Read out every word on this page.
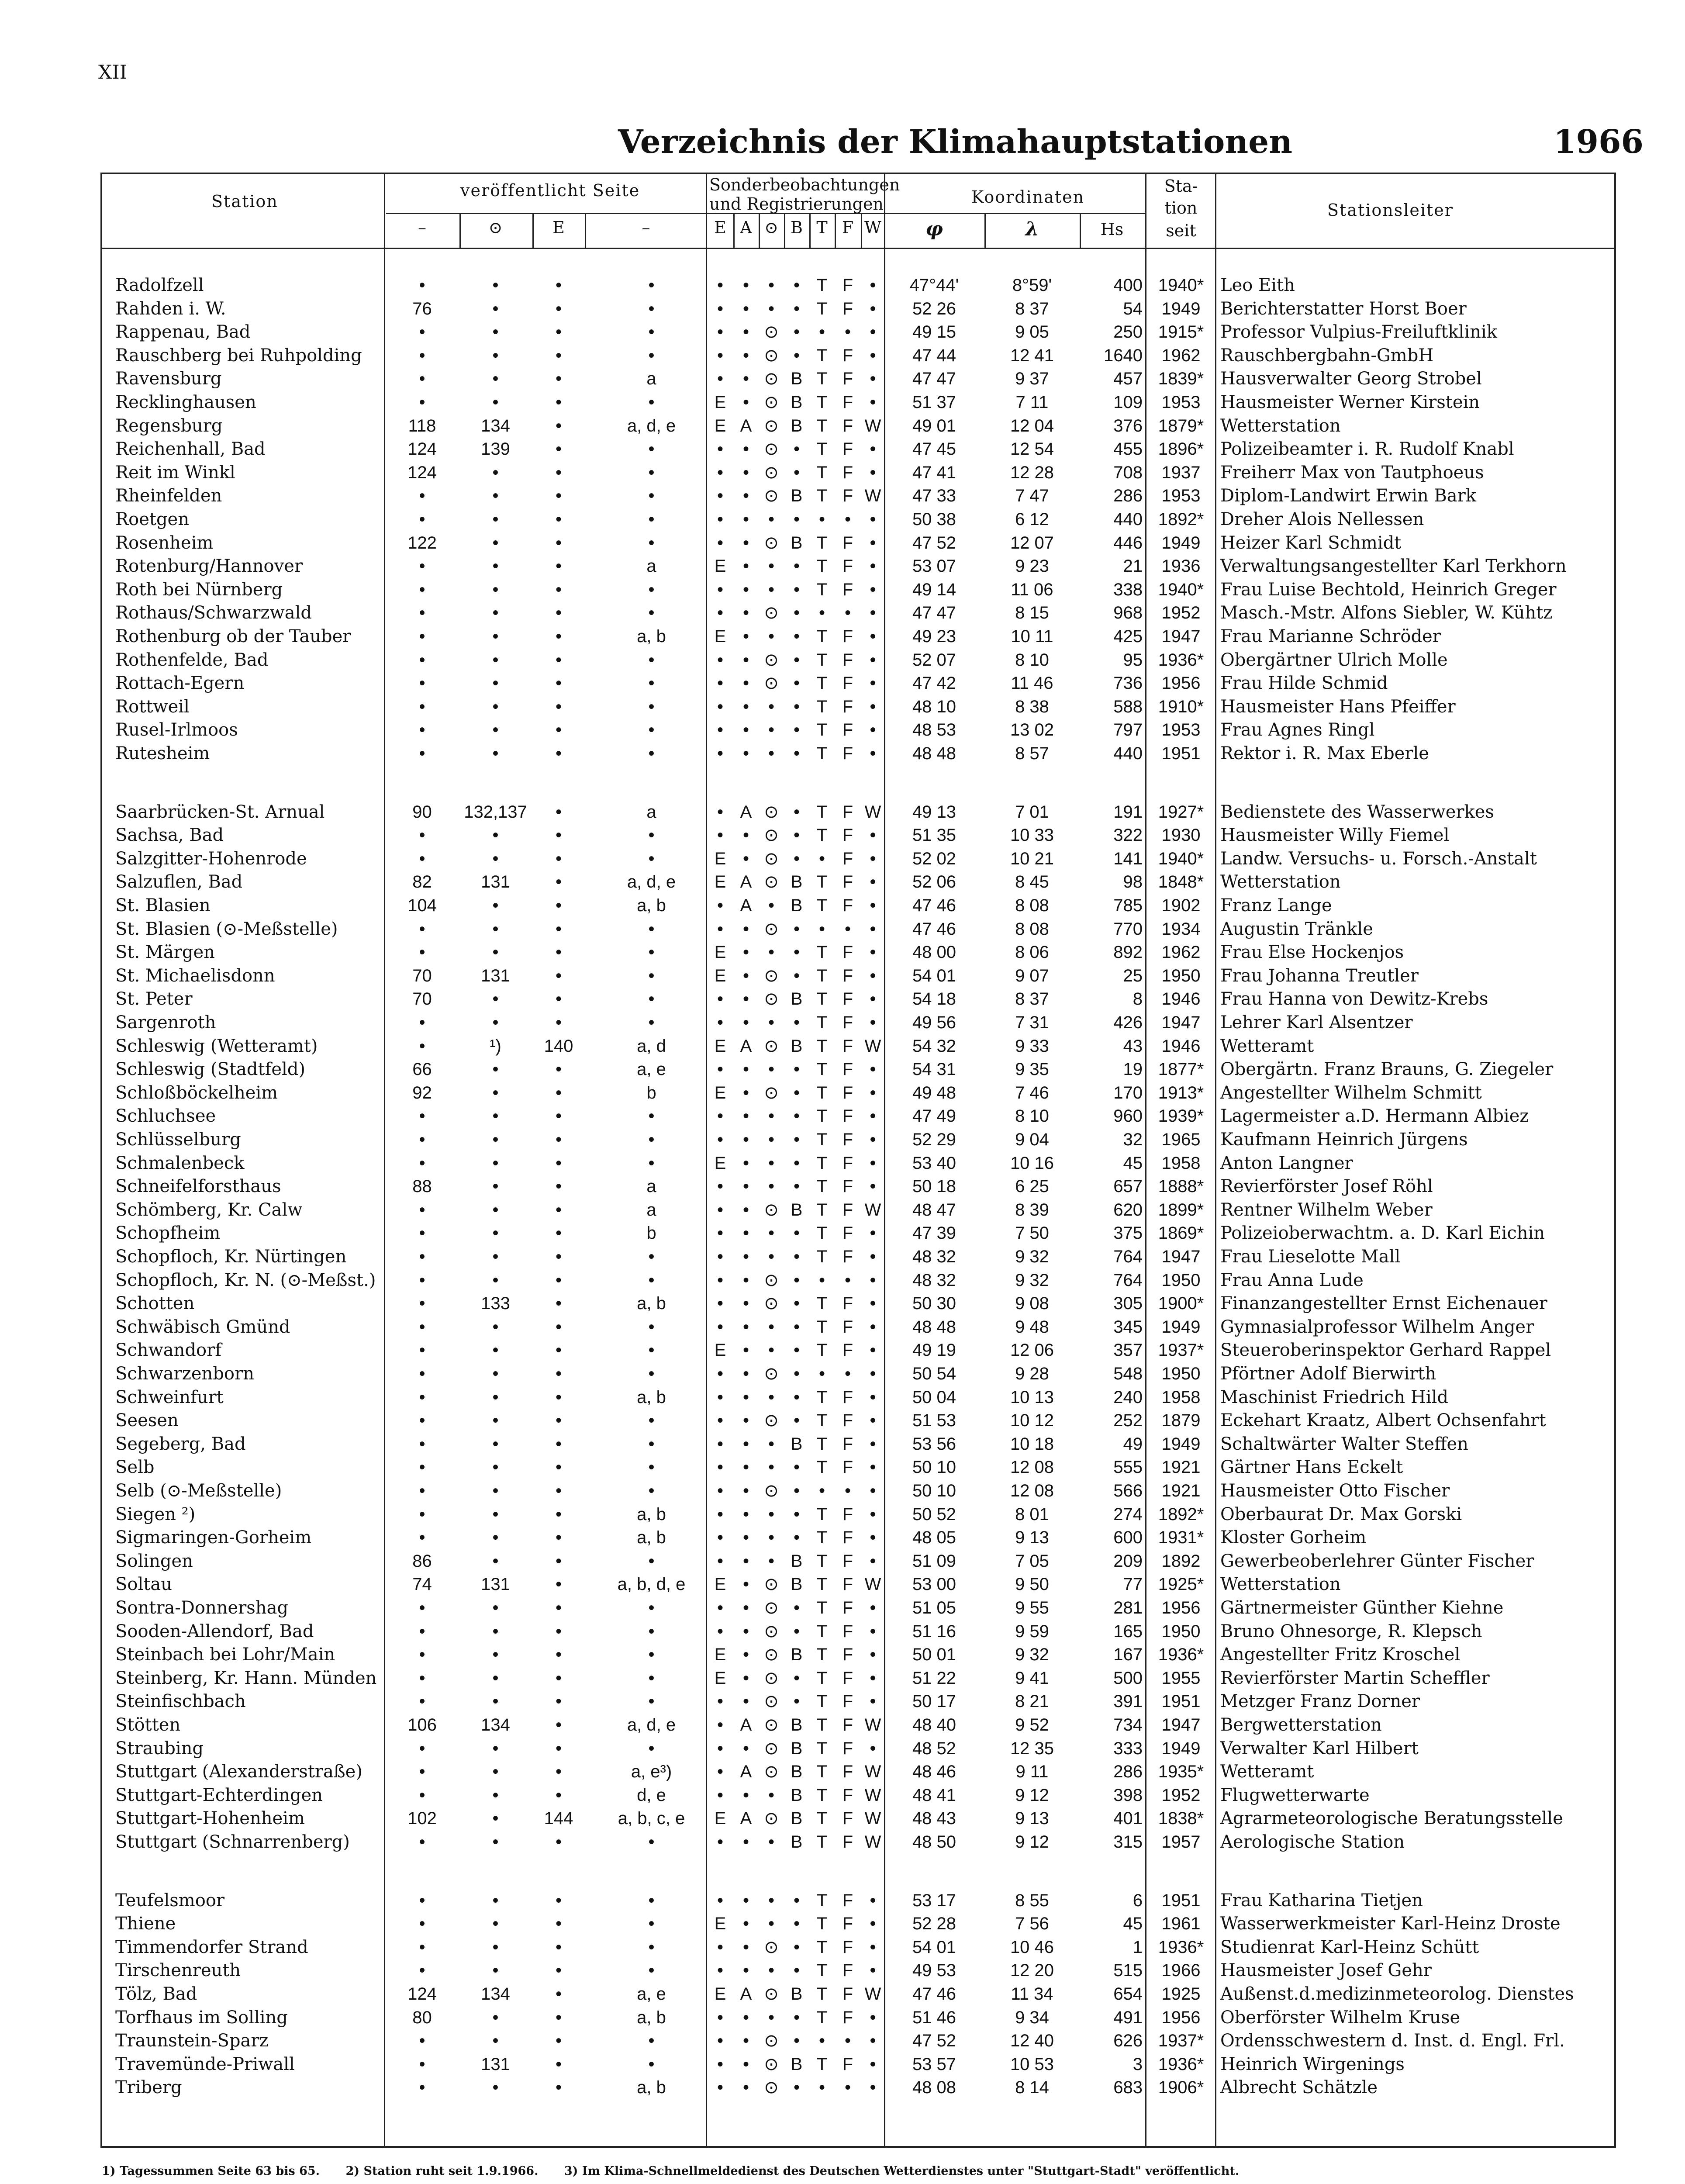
XII
Verzeichnis der Klimahauptstationen	1966
Station
veröffentlicht Seite
–	⊙	E	–
Sonderbeobachtungen
und Registrierungen
E A ⊙ B T F W
Koordinaten
φ	λ	Hs
Sta-
tion
seit
Stationsleiter
Radolfzell	•	•	•	•	•	•	•	• T F •	47°44'	8°59'	400 1940* Leo Eith
Rahden i. W.	76	•	•	•	•	•	•	• T F •	52 26	8 37	54	1949	Berichterstatter Horst Boer
Rappenau, Bad	•	•	•	•	•	• ⊙ •	•	•	•	49 15	9 05	250 1915* Professor Vulpius-Freiluftklinik
Rauschberg bei Ruhpolding	•	•	•	•	•	• ⊙ • T F •	47 44	12 41	1640	1962	Rauschbergbahn-GmbH
Ravensburg	•	•	•	a	•	• ⊙ B T F •	47 47	9 37	457 1839* Hausverwalter Georg Strobel
Recklinghausen	•	•	•	•	E • ⊙ B T F •	51 37	7 11	109	1953	Hausmeister Werner Kirstein
Regensburg	118	134	•	a, d, e	E A ⊙ B T F W	49 01	12 04	376 1879* Wetterstation
Reichenhall, Bad	124	139	•	•	•	• ⊙ • T F •	47 45	12 54	455 1896* Polizeibeamter i. R. Rudolf Knabl
Reit im Winkl	124	•	•	•	•	• ⊙ • T F •	47 41	12 28	708	1937	Freiherr Max von Tautphoeus
Rheinfelden	•	•	•	•	•	• ⊙ B T F W	47 33	7 47	286	1953	Diplom-Landwirt Erwin Bark
Roetgen	•	•	•	•	•	•	•	•	•	•	•	50 38	6 12	440 1892* Dreher Alois Nellessen
Rosenheim	122	•	•	•	•	• ⊙ B T F •	47 52	12 07	446	1949	Heizer Karl Schmidt
Rotenburg/Hannover	•	•	•	a	E •	•	• T F •	53 07	9 23	21	1936	Verwaltungsangestellter Karl Terkhorn
Roth bei Nürnberg	•	•	•	•	•	•	•	• T F •	49 14	11 06	338 1940* Frau Luise Bechtold, Heinrich Greger
Rothaus/Schwarzwald	•	•	•	•	•	• ⊙ •	•	•	•	47 47	8 15	968	1952	Masch.-Mstr. Alfons Siebler, W. Kühtz
Rothenburg ob der Tauber	•	•	•	a, b	E •	•	• T F •	49 23	10 11	425	1947	Frau Marianne Schröder
Rothenfelde, Bad	•	•	•	•	•	• ⊙ • T F •	52 07	8 10	95 1936* Obergärtner Ulrich Molle
Rottach-Egern	•	•	•	•	•	• ⊙ • T F •	47 42	11 46	736	1956	Frau Hilde Schmid
Rottweil	•	•	•	•	•	•	•	• T F •	48 10	8 38	588 1910* Hausmeister Hans Pfeiffer
Rusel-Irlmoos	•	•	•	•	•	•	•	• T F •	48 53	13 02	797	1953	Frau Agnes Ringl
Rutesheim	•	•	•	•	•	•	•	• T F •	48 48	8 57	440	1951	Rektor i. R. Max Eberle
Saarbrücken-St. Arnual	90	132,137	•	a	• A ⊙ • T F W	49 13	7 01	191 1927* Bedienstete des Wasserwerkes
Sachsa, Bad	•	•	•	•	•	• ⊙ • T F •	51 35	10 33	322	1930	Hausmeister Willy Fiemel
Salzgitter-Hohenrode	•	•	•	•	E • ⊙ •	• F •	52 02	10 21	141 1940* Landw. Versuchs- u. Forsch.-Anstalt
Salzuflen, Bad	82	131	•	a, d, e	E A ⊙ B T F •	52 06	8 45	98 1848* Wetterstation
St. Blasien	104	•	•	a, b	• A • B T F •	47 46	8 08	785	1902	Franz Lange
St. Blasien (⊙-Meßstelle)	•	•	•	•	•	• ⊙ •	•	•	•	47 46	8 08	770	1934	Augustin Tränkle
St. Märgen	•	•	•	•	E •	•	• T F •	48 00	8 06	892	1962	Frau Else Hockenjos
St. Michaelisdonn	70	131	•	•	E • ⊙ • T F •	54 01	9 07	25	1950	Frau Johanna Treutler
St. Peter	70	•	•	•	•	• ⊙ B T F •	54 18	8 37	8	1946	Frau Hanna von Dewitz-Krebs
Sargenroth	•	•	•	•	•	•	•	• T F •	49 56	7 31	426	1947	Lehrer Karl Alsentzer
Schleswig (Wetteramt)	•	¹)	140	a, d	E A ⊙ B T F W	54 32	9 33	43	1946	Wetteramt
Schleswig (Stadtfeld)	66	•	•	a, e	•	•	•	• T F •	54 31	9 35	19 1877* Obergärtn. Franz Brauns, G. Ziegeler
Schloßböckelheim	92	•	•	b	E • ⊙ • T F •	49 48	7 46	170 1913* Angestellter Wilhelm Schmitt
Schluchsee	•	•	•	•	•	•	•	• T F •	47 49	8 10	960 1939* Lagermeister a.D. Hermann Albiez
Schlüsselburg	•	•	•	•	•	•	•	• T F •	52 29	9 04	32	1965	Kaufmann Heinrich Jürgens
Schmalenbeck	•	•	•	•	E •	•	• T F •	53 40	10 16	45	1958	Anton Langner
Schneifelforsthaus	88	•	•	a	•	•	•	• T F •	50 18	6 25	657 1888* Revierförster Josef Röhl
Schömberg, Kr. Calw	•	•	•	a	•	• ⊙ B T F W	48 47	8 39	620 1899* Rentner Wilhelm Weber
Schopfheim	•	•	•	b	•	•	•	• T F •	47 39	7 50	375 1869* Polizeioberwachtm. a. D. Karl Eichin
Schopfloch, Kr. Nürtingen	•	•	•	•	•	•	•	• T F •	48 32	9 32	764	1947	Frau Lieselotte Mall
Schopfloch, Kr. N. (⊙-Meßst.)	•	•	•	•	•	• ⊙ •	•	•	•	48 32	9 32	764	1950	Frau Anna Lude
Schotten	•	133	•	a, b	•	• ⊙ • T F •	50 30	9 08	305 1900* Finanzangestellter Ernst Eichenauer
Schwäbisch Gmünd	•	•	•	•	•	•	•	• T F •	48 48	9 48	345	1949	Gymnasialprofessor Wilhelm Anger
Schwandorf	•	•	•	•	E •	•	• T F •	49 19	12 06	357 1937* Steueroberinspektor Gerhard Rappel
Schwarzenborn	•	•	•	•	•	• ⊙ •	•	•	•	50 54	9 28	548	1950	Pförtner Adolf Bierwirth
Schweinfurt	•	•	•	a, b	•	•	•	• T F •	50 04	10 13	240	1958	Maschinist Friedrich Hild
Seesen	•	•	•	•	•	• ⊙ • T F •	51 53	10 12	252	1879	Eckehart Kraatz, Albert Ochsenfahrt
Segeberg, Bad	•	•	•	•	•	•	• B T F •	53 56	10 18	49	1949	Schaltwärter Walter Steffen
Selb	•	•	•	•	•	•	•	• T F •	50 10	12 08	555	1921	Gärtner Hans Eckelt
Selb (⊙-Meßstelle)	•	•	•	•	•	• ⊙ •	•	•	•	50 10	12 08	566	1921	Hausmeister Otto Fischer
Siegen ²)	•	•	•	a, b	•	•	•	• T F •	50 52	8 01	274 1892* Oberbaurat Dr. Max Gorski
Sigmaringen-Gorheim	•	•	•	a, b	•	•	•	• T F •	48 05	9 13	600 1931* Kloster Gorheim
Solingen	86	•	•	•	•	•	• B T F •	51 09	7 05	209	1892	Gewerbeoberlehrer Günter Fischer
Soltau	74	131	•	a, b, d, e	E • ⊙ B T F W	53 00	9 50	77 1925* Wetterstation
Sontra-Donnershag	•	•	•	•	•	• ⊙ • T F •	51 05	9 55	281	1956	Gärtnermeister Günther Kiehne
Sooden-Allendorf, Bad	•	•	•	•	•	• ⊙ • T F •	51 16	9 59	165	1950	Bruno Ohnesorge, R. Klepsch
Steinbach bei Lohr/Main	•	•	•	•	E • ⊙ B T F •	50 01	9 32	167 1936* Angestellter Fritz Kroschel
Steinberg, Kr. Hann. Münden	•	•	•	•	E • ⊙ • T F •	51 22	9 41	500	1955	Revierförster Martin Scheffler
Steinfischbach	•	•	•	•	•	• ⊙ • T F •	50 17	8 21	391	1951	Metzger Franz Dorner
Stötten	106	134	•	a, d, e	• A ⊙ B T F W	48 40	9 52	734	1947	Bergwetterstation
Straubing	•	•	•	•	•	• ⊙ B T F •	48 52	12 35	333	1949	Verwalter Karl Hilbert
Stuttgart (Alexanderstraße)	•	•	•	a, e³)	• A ⊙ B T F W	48 46	9 11	286 1935* Wetteramt
Stuttgart-Echterdingen	•	•	•	d, e	•	•	• B T F W	48 41	9 12	398	1952	Flugwetterwarte
Stuttgart-Hohenheim	102	•	144	a, b, c, e	E A ⊙ B T F W	48 43	9 13	401 1838* Agrarmeteorologische Beratungsstelle
Stuttgart (Schnarrenberg)	•	•	•	•	•	•	• B T F W	48 50	9 12	315	1957	Aerologische Station
Teufelsmoor	•	•	•	•	•	•	•	• T F •	53 17	8 55	6	1951	Frau Katharina Tietjen
Thiene	•	•	•	•	E •	•	• T F •	52 28	7 56	45	1961	Wasserwerkmeister Karl-Heinz Droste
Timmendorfer Strand	•	•	•	•	•	• ⊙ • T F •	54 01	10 46	1 1936* Studienrat Karl-Heinz Schütt
Tirschenreuth	•	•	•	•	•	•	•	• T F •	49 53	12 20	515	1966	Hausmeister Josef Gehr
Tölz, Bad	124	134	•	a, e	E A ⊙ B T F W	47 46	11 34	654	1925	Außenst.d.medizinmeteorolog. Dienstes
Torfhaus im Solling	80	•	•	a, b	•	•	•	• T F •	51 46	9 34	491	1956	Oberförster Wilhelm Kruse
Traunstein-Sparz	•	•	•	•	•	• ⊙ •	•	•	•	47 52	12 40	626 1937* Ordensschwestern d. Inst. d. Engl. Frl.
Travemünde-Priwall	•	131	•	•	•	• ⊙ B T F •	53 57	10 53	3 1936* Heinrich Wirgenings
Triberg	•	•	•	a, b	•	• ⊙ •	•	•	•	48 08	8 14	683 1906* Albrecht Schätzle
1) Tagessummen Seite 63 bis 65. 2) Station ruht seit 1.9.1966. 3) Im Klima-Schnellmeldedienst des Deutschen Wetterdienstes unter "Stuttgart-Stadt" veröffentlicht.
